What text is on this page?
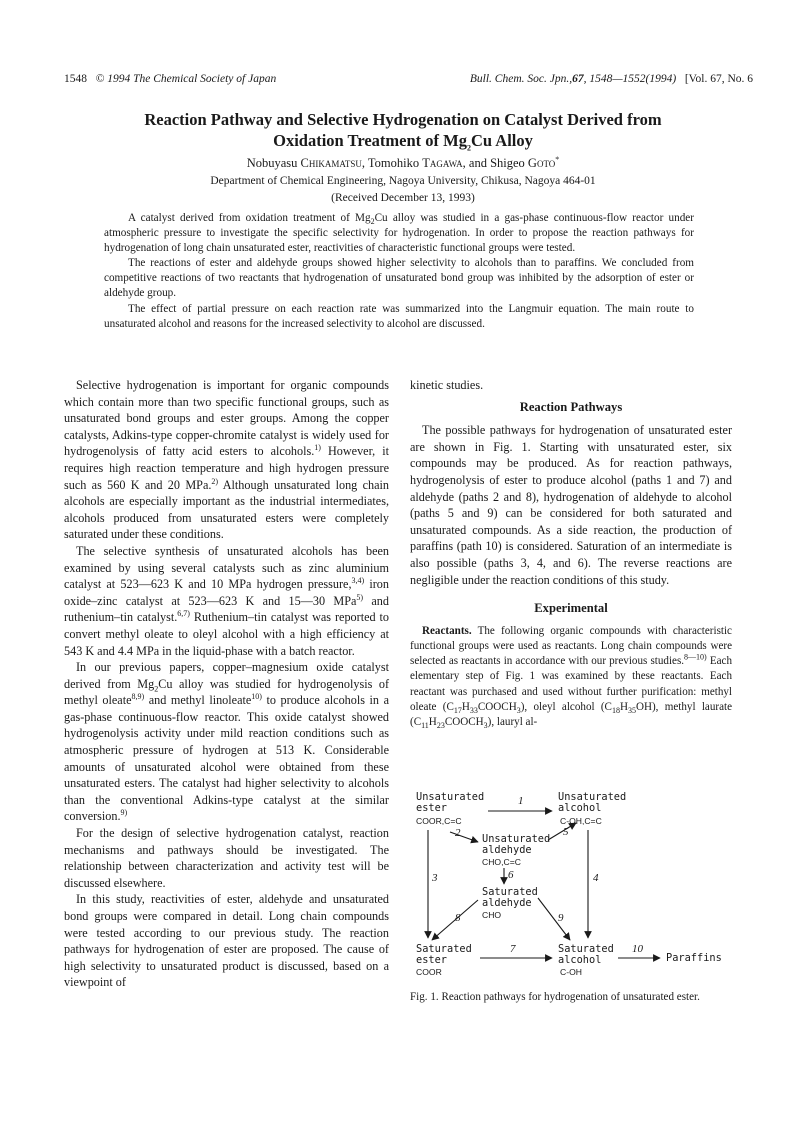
1548 © 1994 The Chemical Society of Japan	Bull. Chem. Soc. Jpn.,67, 1548—1552(1994) [Vol. 67, No. 6
Reaction Pathway and Selective Hydrogenation on Catalyst Derived from
Oxidation Treatment of $Mg_2Cu$ Alloy
Nobuyasu Chikamatsu, Tomohiko Tagawa, and Shigeo Goto*
Department of Chemical Engineering, Nagoya University, Chikusa, Nagoya 464-01
(Received December 13, 1993)

A catalyst derived from oxidation treatment of $Mg_2Cu$ alloy was studied in a gas-phase continuous-flow reactor under atmospheric pressure to investigate the specific selectivity for hydrogenation. In order to propose the reaction pathways for hydrogenation of long chain unsaturated ester, reactivities of characteristic functional groups were tested.

The reactions of ester and aldehyde groups showed higher selectivity to alcohols than to paraffins. We concluded from competitive reactions of two reactants that hydrogenation of unsaturated bond group was inhibited by the adsorption of ester or aldehyde group.

The effect of partial pressure on each reaction rate was summarized into the Langmuir equation. The main route to unsaturated alcohol and reasons for the increased selectivity to alcohol are discussed.

Selective hydrogenation is important for organic compounds which contain more than two specific functional groups, such as unsaturated bond groups and ester groups. Among the copper catalysts, Adkins-type copper-chromite catalyst is widely used for hydrogenolysis of fatty acid esters to alcohols.$^{1)}$ However, it requires high reaction temperature and high hydrogen pressure such as 560 K and 20 MPa.$^{2)}$ Although unsaturated long chain alcohols are especially important as the industrial intermediates, alcohols produced from unsaturated esters were completely saturated under these conditions.

The selective synthesis of unsaturated alcohols has been examined by using several catalysts such as zinc aluminium catalyst at 523—623 K and 10 MPa hydrogen pressure,$^{3,4)}$ iron oxide–zinc catalyst at 523—623 K and 15—30 MPa$^{5)}$ and ruthenium–tin catalyst.$^{6,7)}$ Ruthenium–tin catalyst was reported to convert methyl oleate to oleyl alcohol with a high efficiency at 543 K and 4.4 MPa in the liquid-phase with a batch reactor.

In our previous papers, copper–magnesium oxide catalyst derived from $Mg_2Cu$ alloy was studied for hydrogenolysis of methyl oleate$^{8,9)}$ and methyl linoleate$^{10)}$ to produce alcohols in a gas-phase continuous-flow reactor. This oxide catalyst showed hydrogenolysis activity under mild reaction conditions such as atmospheric pressure of hydrogen at 513 K. Considerable amounts of unsaturated alcohol were obtained from these unsaturated esters. The catalyst had higher selectivity to alcohols than the conventional Adkins-type catalyst at the similar conversion.$^{9)}$

For the design of selective hydrogenation catalyst, reaction mechanisms and pathways should be investigated. The relationship between characterization and activity test will be discussed elsewhere.

In this study, reactivities of ester, aldehyde and unsaturated bond groups were compared in detail. Long chain compounds were tested according to our previous study. The reaction pathways for hydrogenation of ester are proposed. The cause of high selectivity to unsaturated product is discussed, based on a viewpoint of

kinetic studies.

Reaction Pathways

The possible pathways for hydrogenation of unsaturated ester are shown in Fig. 1. Starting with unsaturated ester, six compounds may be produced. As for reaction pathways, hydrogenolysis of ester to produce alcohol (paths 1 and 7) and aldehyde (paths 2 and 8), hydrogenation of aldehyde to alcohol (paths 5 and 9) can be considered for both saturated and unsaturated compounds. As a side reaction, the production of paraffins (path 10) is considered. Saturation of an intermediate is also possible (paths 3, 4, and 6). The reverse reactions are negligible under the reaction conditions of this study.

Experimental

Reactants. The following organic compounds with characteristic functional groups were used as reactants. Long chain compounds were selected as reactants in accordance with our previous studies.$^{8—10)}$ Each elementary step of Fig. 1 was examined by these reactants. Each reactant was purchased and used without further purification: methyl oleate $(C_{17}H_{33}COOCH_3)$, oleyl alcohol $(C_{18}H_{35}OH)$, methyl laurate $(C_{11}H_{23}COOCH_3)$, lauryl al-

Unsaturated
ester
COOR,C=C
Unsaturated
alcohol
C-OH,C=C
Unsaturated
aldehyde
CHO,C=C
Saturated
aldehyde
CHO
Saturated
ester
COOR
Saturated
alcohol
C-OH
Paraffins
1
2
3	4
5
6
7
8	9
10
Fig. 1. Reaction pathways for hydrogenation of unsaturated ester.
